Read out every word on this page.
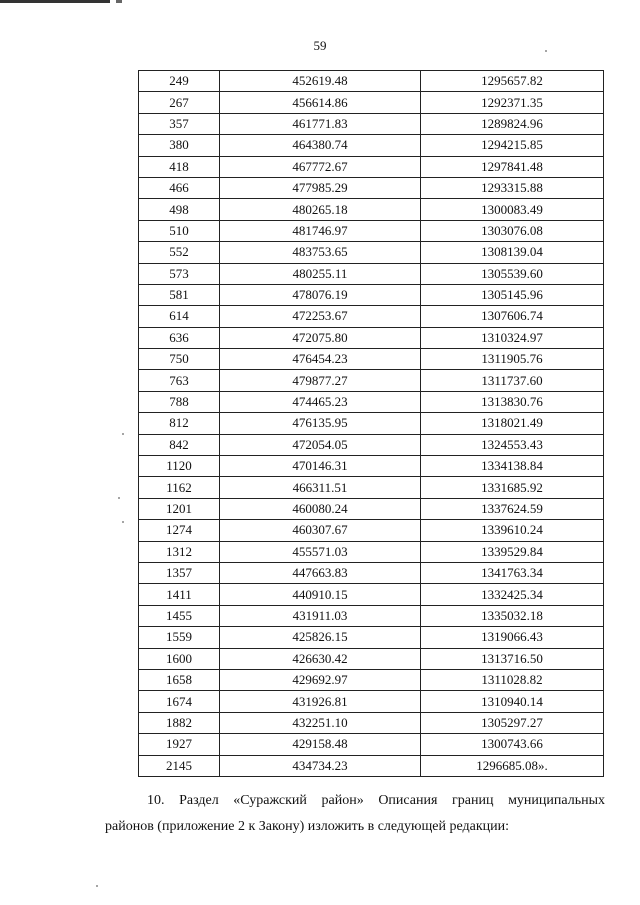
59
249	452619.48	1295657.82
267	456614.86	1292371.35
357	461771.83	1289824.96
380	464380.74	1294215.85
418	467772.67	1297841.48
466	477985.29	1293315.88
498	480265.18	1300083.49
510	481746.97	1303076.08
552	483753.65	1308139.04
573	480255.11	1305539.60
581	478076.19	1305145.96
614	472253.67	1307606.74
636	472075.80	1310324.97
750	476454.23	1311905.76
763	479877.27	1311737.60
788	474465.23	1313830.76
812	476135.95	1318021.49
842	472054.05	1324553.43
1120	470146.31	1334138.84
1162	466311.51	1331685.92
1201	460080.24	1337624.59
1274	460307.67	1339610.24
1312	455571.03	1339529.84
1357	447663.83	1341763.34
1411	440910.15	1332425.34
1455	431911.03	1335032.18
1559	425826.15	1319066.43
1600	426630.42	1313716.50
1658	429692.97	1311028.82
1674	431926.81	1310940.14
1882	432251.10	1305297.27
1927	429158.48	1300743.66
2145	434734.23	1296685.08».
10. Раздел «Суражский район» Описания границ муниципальных
районов (приложение 2 к Закону) изложить в следующей редакции:
